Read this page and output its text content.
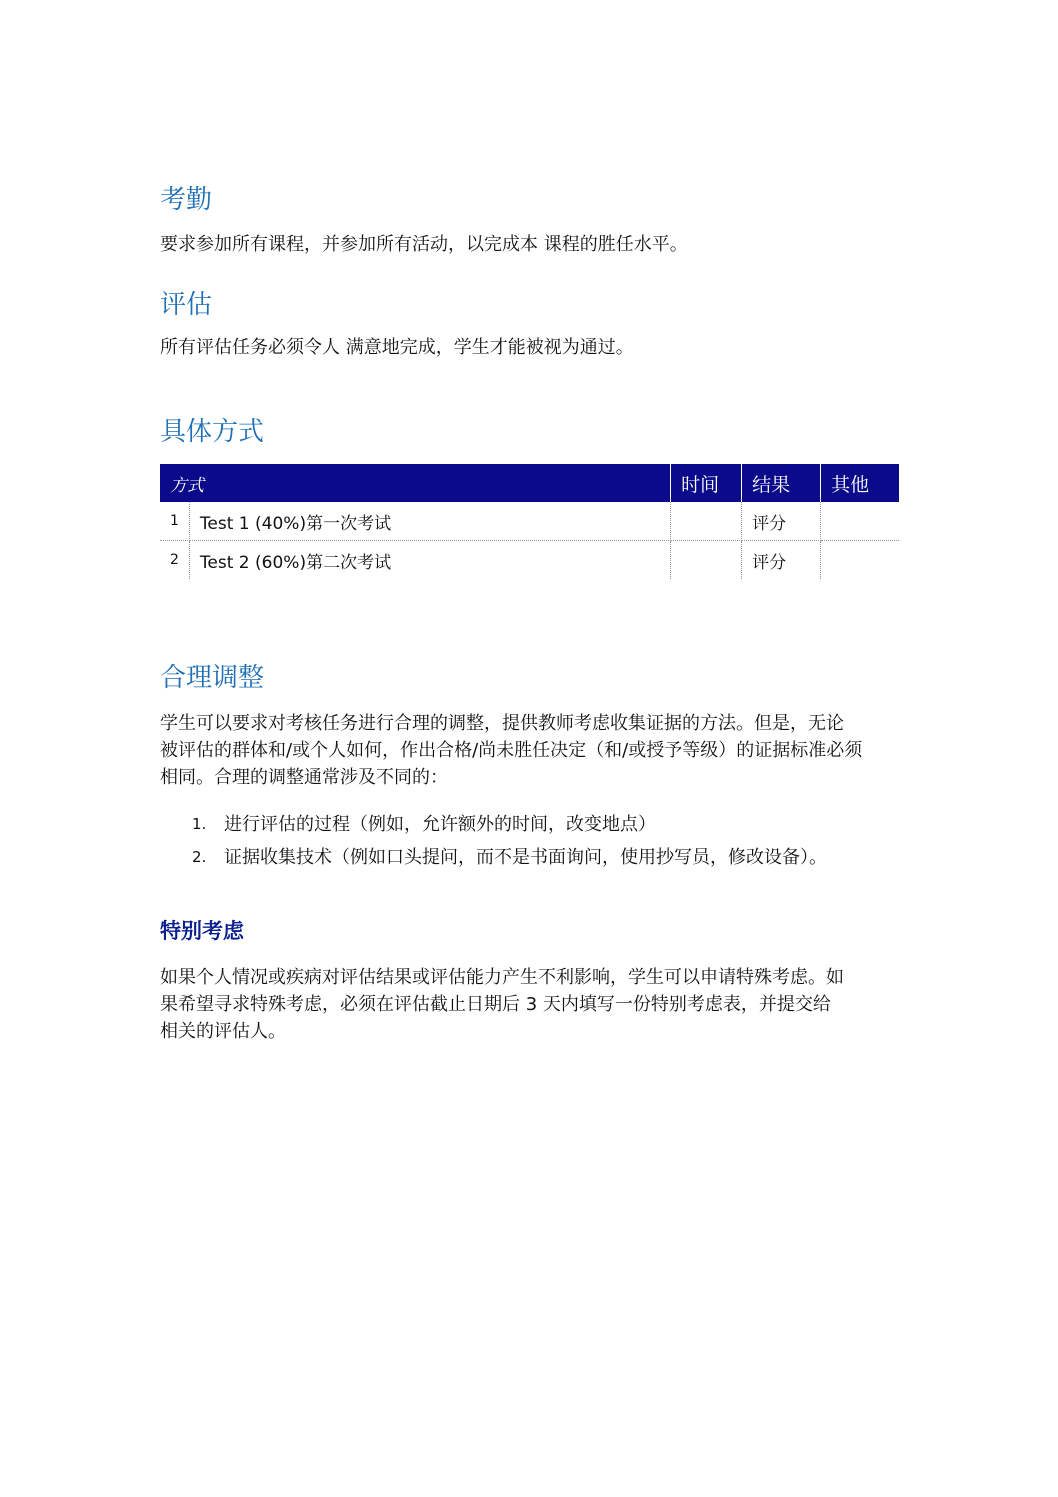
考勤

要求参加所有课程，并参加所有活动，以完成本 课程的胜任水平。

评估

所有评估任务必须令人 满意地完成，学生才能被视为通过。

具体方式
方式		时间	结果	其他
1	Test 1 (40%)第一次考试		评分	
2	Test 2 (60%)第二次考试		评分	
合理调整

学生可以要求对考核任务进行合理的调整，提供教师考虑收集证据的方法。但是，无论

被评估的群体和/或个人如何，作出合格/尚未胜任决定（和/或授予等级）的证据标准必须

相同。合理的调整通常涉及不同的：

1. 进行评估的过程（例如，允许额外的时间，改变地点）
2. 证据收集技术（例如口头提问，而不是书面询问，使用抄写员，修改设备）。
特别考虑

如果个人情况或疾病对评估结果或评估能力产生不利影响，学生可以申请特殊考虑。如

果希望寻求特殊考虑，必须在评估截止日期后 3 天内填写一份特别考虑表，并提交给

相关的评估人。
